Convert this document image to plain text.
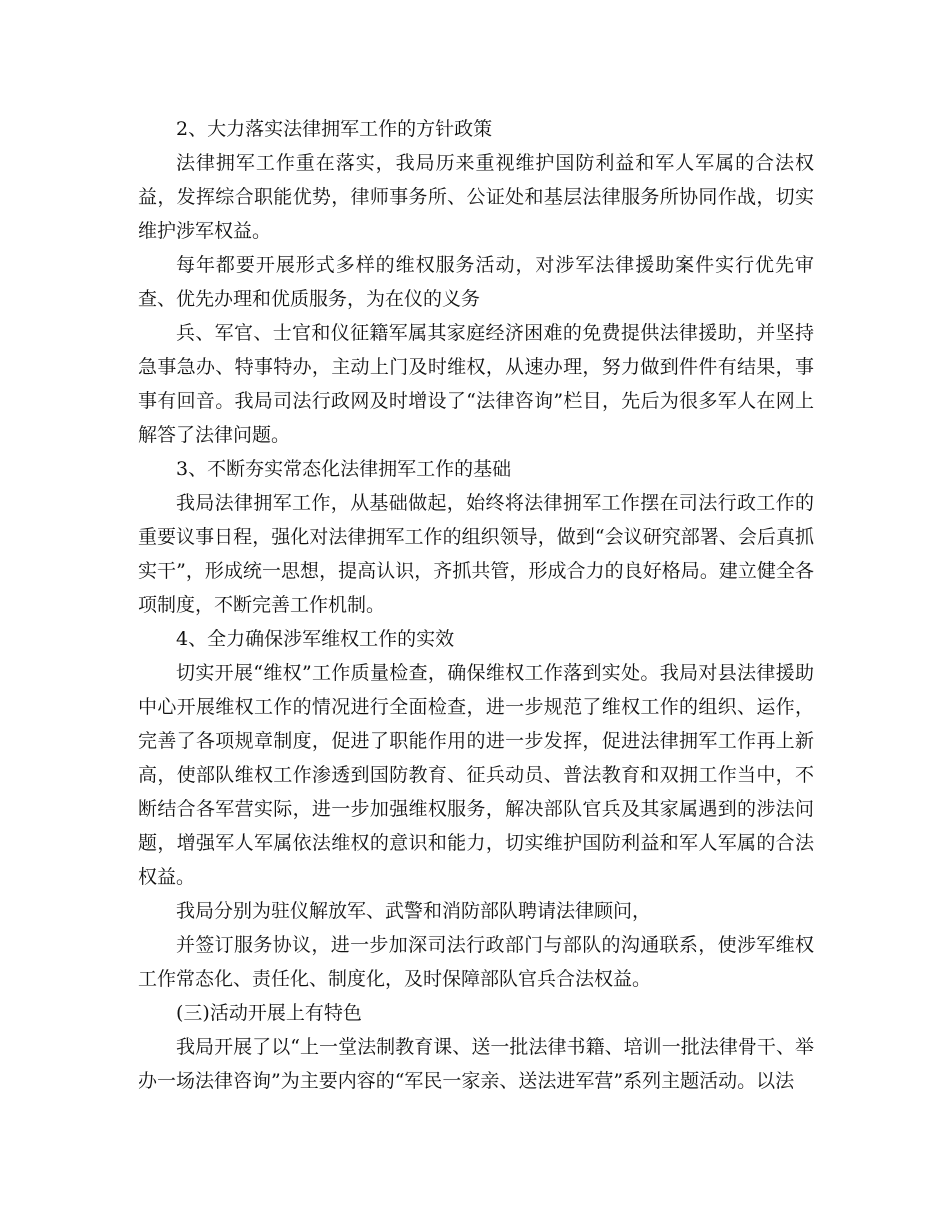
2、大力落实法律拥军工作的方针政策

法律拥军工作重在落实，我局历来重视维护国防利益和军人军属的合法权益，发挥综合职能优势，律师事务所、公证处和基层法律服务所协同作战，切实维护涉军权益。

每年都要开展形式多样的维权服务活动，对涉军法律援助案件实行优先审查、优先办理和优质服务，为在仪的义务

兵、军官、士官和仪征籍军属其家庭经济困难的免费提供法律援助，并坚持急事急办、特事特办，主动上门及时维权，从速办理，努力做到件件有结果，事事有回音。我局司法行政网及时增设了“法律咨询”栏目，先后为很多军人在网上解答了法律问题。

3、不断夯实常态化法律拥军工作的基础

我局法律拥军工作，从基础做起，始终将法律拥军工作摆在司法行政工作的重要议事日程，强化对法律拥军工作的组织领导，做到“会议研究部署、会后真抓实干”，形成统一思想，提高认识，齐抓共管，形成合力的良好格局。建立健全各项制度，不断完善工作机制。

4、全力确保涉军维权工作的实效

切实开展“维权”工作质量检查，确保维权工作落到实处。我局对县法律援助中心开展维权工作的情况进行全面检查，进一步规范了维权工作的组织、运作，完善了各项规章制度，促进了职能作用的进一步发挥，促进法律拥军工作再上新高，使部队维权工作渗透到国防教育、征兵动员、普法教育和双拥工作当中，不断结合各军营实际，进一步加强维权服务，解决部队官兵及其家属遇到的涉法问题，增强军人军属依法维权的意识和能力，切实维护国防利益和军人军属的合法权益。

我局分别为驻仪解放军、武警和消防部队聘请法律顾问，

并签订服务协议，进一步加深司法行政部门与部队的沟通联系，使涉军维权工作常态化、责任化、制度化，及时保障部队官兵合法权益。

(三)活动开展上有特色

我局开展了以“上一堂法制教育课、送一批法律书籍、培训一批法律骨干、举办一场法律咨询”为主要内容的“军民一家亲、送法进军营”系列主题活动。以法
